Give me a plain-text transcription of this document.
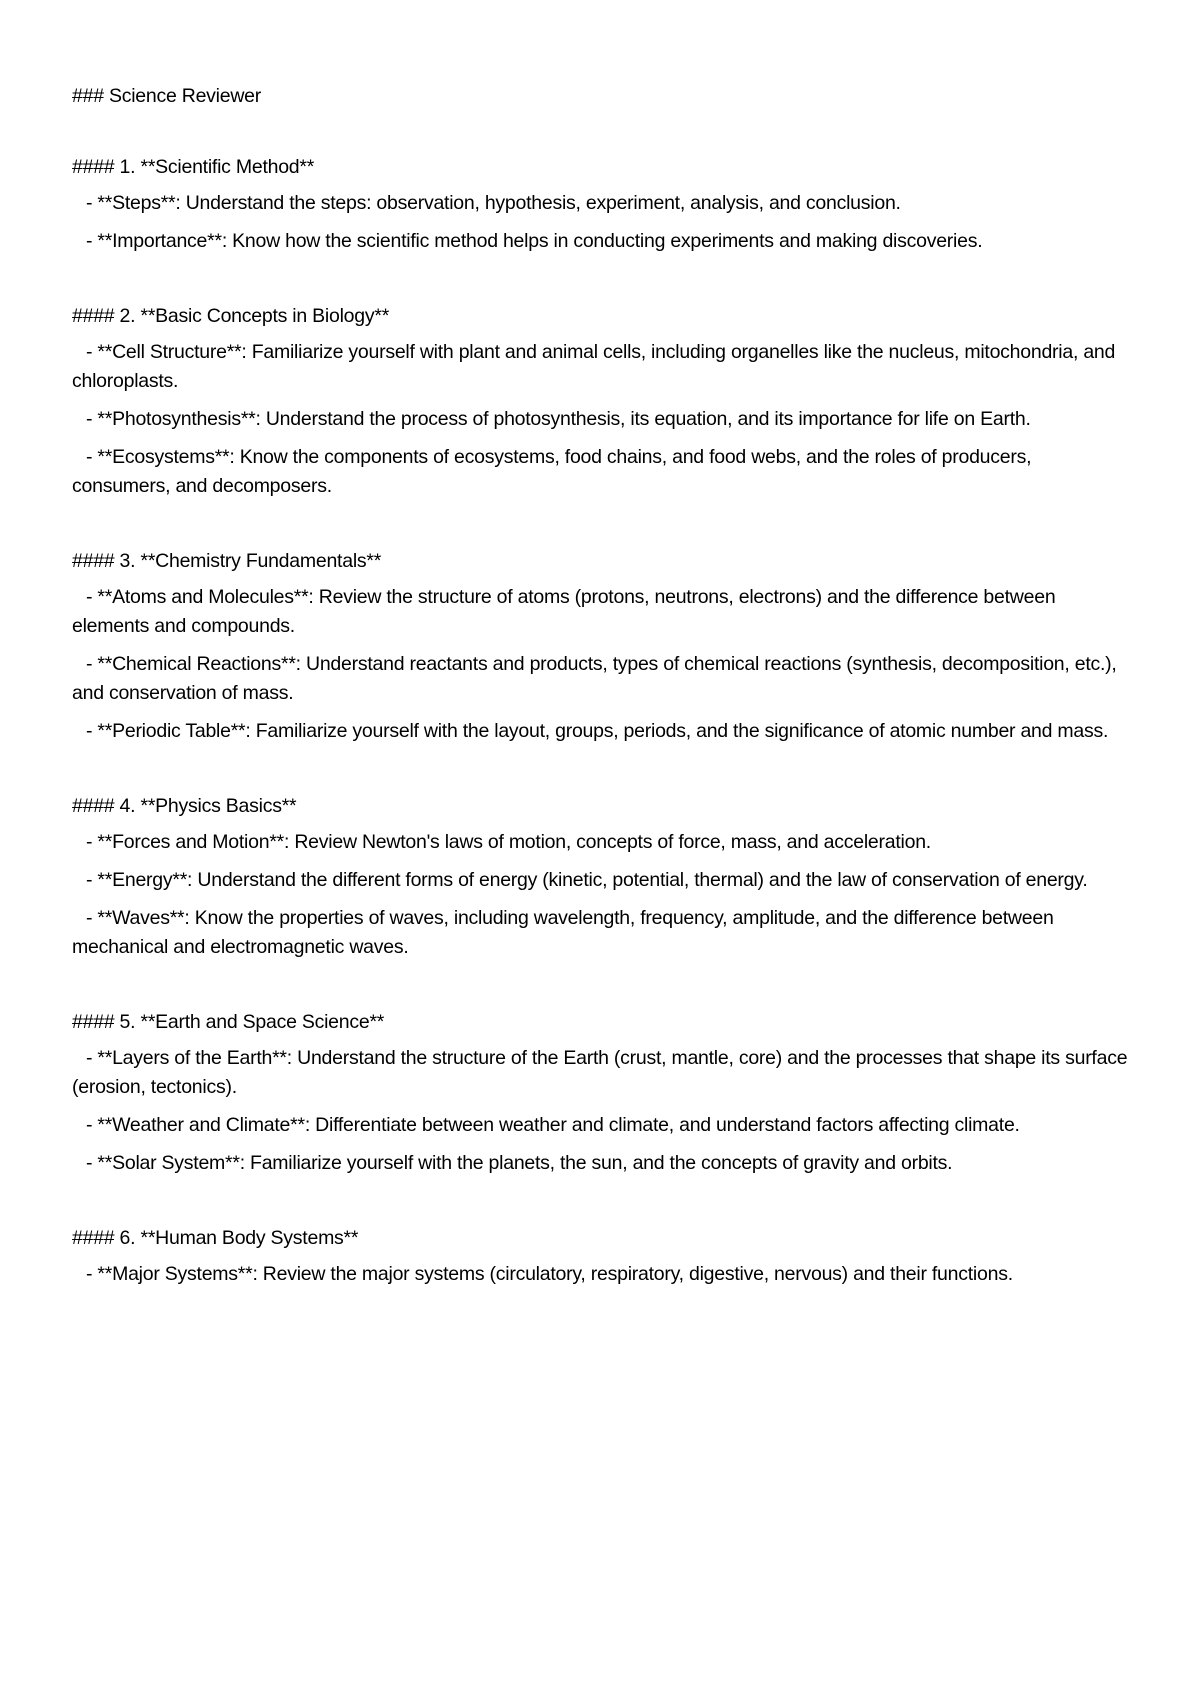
### Science Reviewer

#### 1. **Scientific Method**

- **Steps**: Understand the steps: observation, hypothesis, experiment, analysis, and conclusion.

- **Importance**: Know how the scientific method helps in conducting experiments and making discoveries.

#### 2. **Basic Concepts in Biology**

- **Cell Structure**: Familiarize yourself with plant and animal cells, including organelles like the nucleus, mitochondria, and chloroplasts.

- **Photosynthesis**: Understand the process of photosynthesis, its equation, and its importance for life on Earth.

- **Ecosystems**: Know the components of ecosystems, food chains, and food webs, and the roles of producers, consumers, and decomposers.

#### 3. **Chemistry Fundamentals**

- **Atoms and Molecules**: Review the structure of atoms (protons, neutrons, electrons) and the difference between elements and compounds.

- **Chemical Reactions**: Understand reactants and products, types of chemical reactions (synthesis, decomposition, etc.), and conservation of mass.

- **Periodic Table**: Familiarize yourself with the layout, groups, periods, and the significance of atomic number and mass.

#### 4. **Physics Basics**

- **Forces and Motion**: Review Newton's laws of motion, concepts of force, mass, and acceleration.

- **Energy**: Understand the different forms of energy (kinetic, potential, thermal) and the law of conservation of energy.

- **Waves**: Know the properties of waves, including wavelength, frequency, amplitude, and the difference between mechanical and electromagnetic waves.

#### 5. **Earth and Space Science**

- **Layers of the Earth**: Understand the structure of the Earth (crust, mantle, core) and the processes that shape its surface (erosion, tectonics).

- **Weather and Climate**: Differentiate between weather and climate, and understand factors affecting climate.

- **Solar System**: Familiarize yourself with the planets, the sun, and the concepts of gravity and orbits.

#### 6. **Human Body Systems**

- **Major Systems**: Review the major systems (circulatory, respiratory, digestive, nervous) and their functions.
